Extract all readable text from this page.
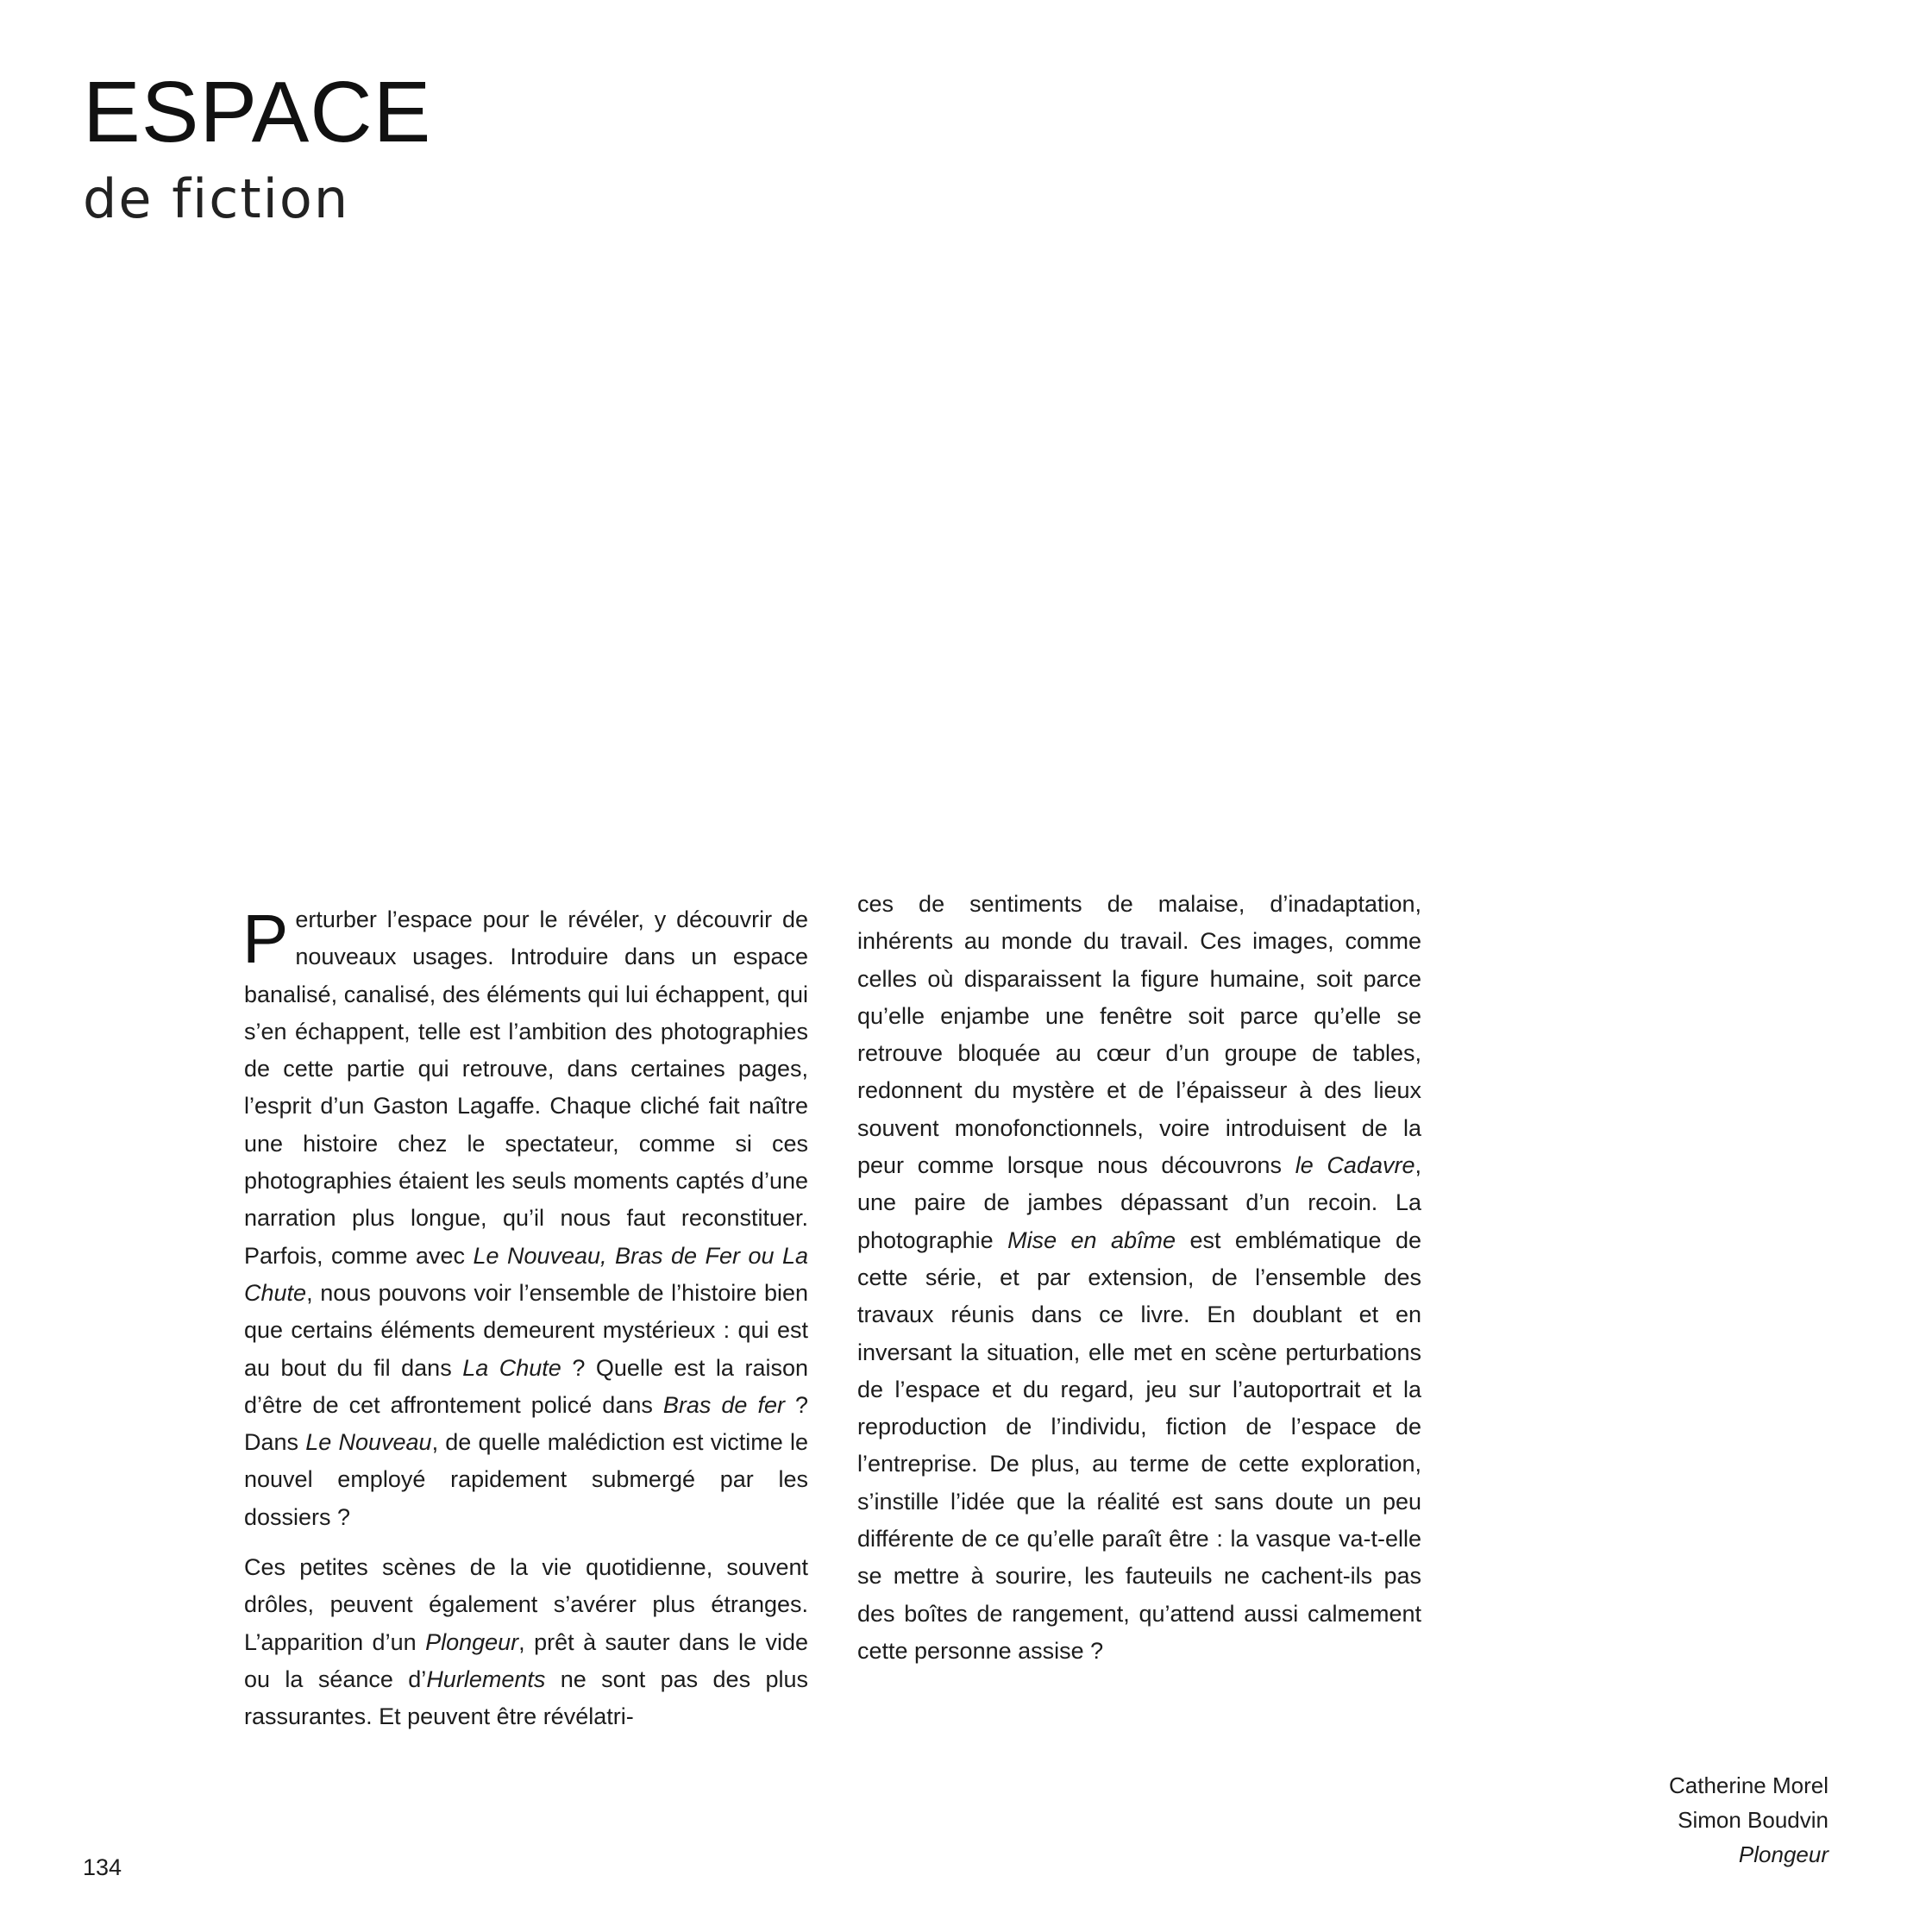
ESPACE
de fiction

Perturber l’espace pour le révéler, y découvrir de nouveaux usages. Introduire dans un espace banalisé, canalisé, des éléments qui lui échappent, qui s’en échappent, telle est l’ambition des photographies de cette partie qui retrouve, dans certaines pages, l’esprit d’un Gaston Lagaffe. Chaque cliché fait naître une histoire chez le spectateur, comme si ces photographies étaient les seuls moments captés d’une narration plus longue, qu’il nous faut reconstituer. Parfois, comme avec Le Nouveau, Bras de Fer ou La Chute, nous pouvons voir l’ensemble de l’histoire bien que certains éléments demeurent mystérieux : qui est au bout du fil dans La Chute ? Quelle est la raison d’être de cet affrontement policé dans Bras de fer ? Dans Le Nouveau, de quelle malédiction est victime le nouvel employé rapidement submergé par les dossiers ?

Ces petites scènes de la vie quotidienne, souvent drôles, peuvent également s’avérer plus étranges. L’apparition d’un Plongeur, prêt à sauter dans le vide ou la séance d’Hurlements ne sont pas des plus rassurantes. Et peuvent être révélatri-

ces de sentiments de malaise, d’inadaptation, inhérents au monde du travail. Ces images, comme celles où disparaissent la figure humaine, soit parce qu’elle enjambe une fenêtre soit parce qu’elle se retrouve bloquée au cœur d’un groupe de tables, redonnent du mystère et de l’épaisseur à des lieux souvent monofonctionnels, voire introduisent de la peur comme lorsque nous découvrons le Cadavre, une paire de jambes dépassant d’un recoin. La photographie Mise en abîme est emblématique de cette série, et par extension, de l’ensemble des travaux réunis dans ce livre. En doublant et en inversant la situation, elle met en scène perturbations de l’espace et du regard, jeu sur l’autoportrait et la reproduction de l’individu, fiction de l’espace de l’entreprise. De plus, au terme de cette exploration, s’instille l’idée que la réalité est sans doute un peu différente de ce qu’elle paraît être : la vasque va-t-elle se mettre à sourire, les fauteuils ne cachent-ils pas des boîtes de rangement, qu’attend aussi calmement cette personne assise ?

Catherine Morel
Simon Boudvin
Plongeur
134
